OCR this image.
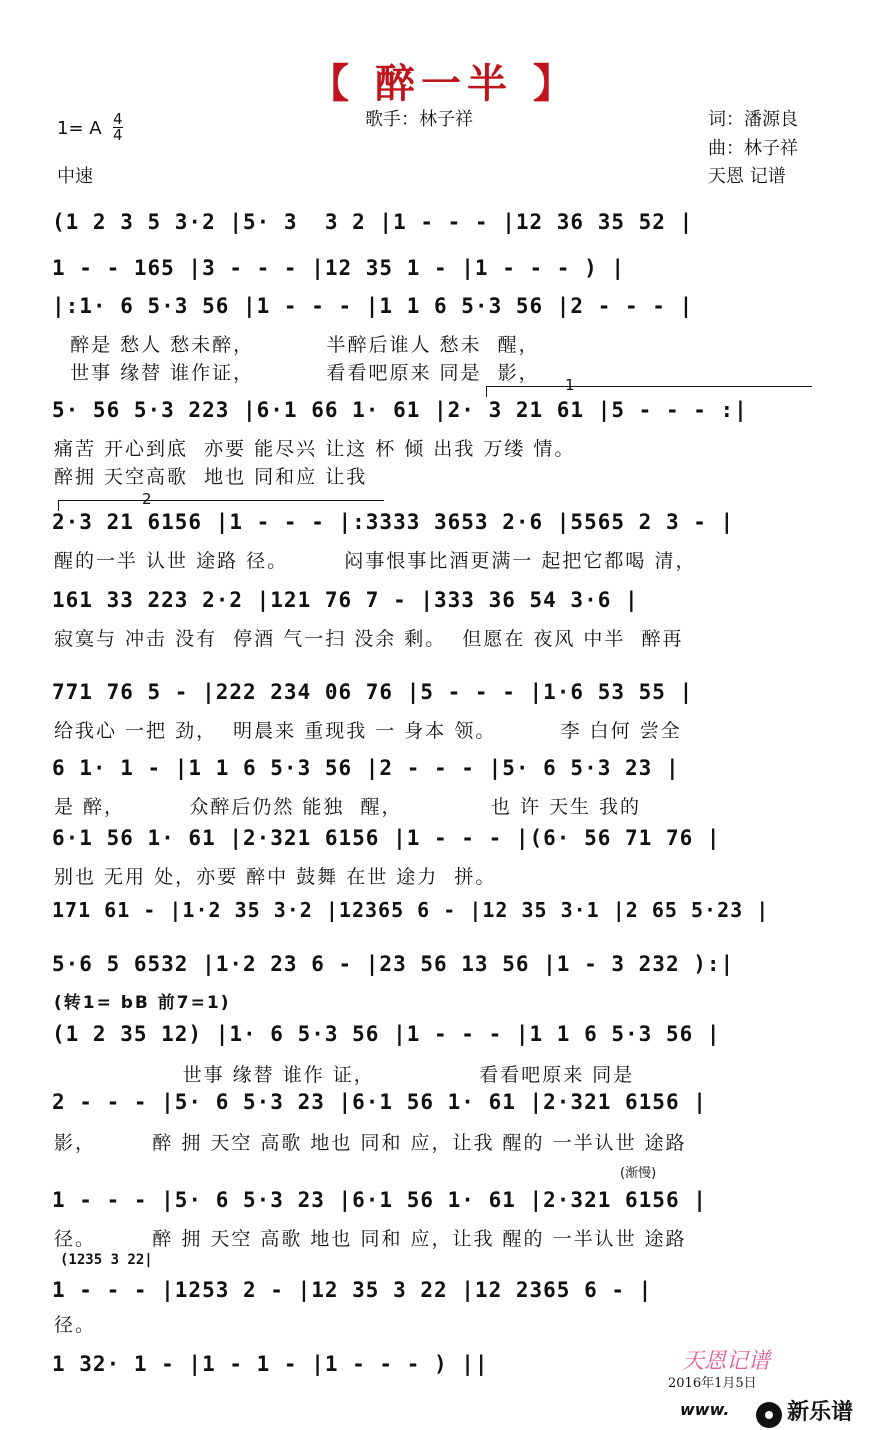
【 醉一半 】
1= A 4
4
中速
歌手：林子祥	词：潘源良
曲：林子祥
天恩 记谱
(1 2 3 5 3·2 |5· 3  3 2 |1 - - - |12 36 35 52 |
1 - - 165 |3 - - - |12 35 1 - |1 - - - ) |
|:1· 6 5·3 56 |1 - - - |1 1 6 5·3 56 |2 - - - |
醉是 愁人 愁未醉，         半醉后谁人 愁未  醒，
世事 缘替 谁作证，         看看吧原来 同是  影，
1
5· 56 5·3 223 |6·1 66 1· 61 |2· 3 21 61 |5 - - - :|
痛苦 开心到底  亦要 能尽兴 让这 杯 倾 出我 万缕 情。
醉拥 天空高歌  地也 同和应 让我
2
2·3 21 6156 |1 - - - |:3333 3653 2·6 |5565 2 3 - |
醒的一半 认世 途路 径。       闷事恨事比酒更满一 起把它都喝 清，
161 33 223 2·2 |121 76 7 - |333 36 54 3·6 |
寂寞与 冲击 没有  停酒 气一扫 没余 剩。  但愿在 夜风 中半  醉再
771 76 5 - |222 234 06 76 |5 - - - |1·6 53 55 |
给我心 一把 劲，  明晨来 重现我 一 身本 领。        李 白何 尝全
6 1· 1 - |1 1 6 5·3 56 |2 - - - |5· 6 5·3 23 |
是 醉，        众醉后仍然 能独  醒，           也 许 天生 我的
6·1 56 1· 61 |2·321 6156 |1 - - - |(6· 56 71 76 |
别也 无用 处，亦要 醉中 鼓舞 在世 途力  拼。
171 61 - |1·2 35 3·2 |12365 6 - |12 35 3·1 |2 65 5·23 |
5·6 5 6532 |1·2 23 6 - |23 56 13 56 |1 - 3 232 ):|
(转1= bB 前7=1)
(1 2 35 12) |1· 6 5·3 56 |1 - - - |1 1 6 5·3 56 |
世事 缘替 谁作 证，             看看吧原来 同是
2 - - - |5· 6 5·3 23 |6·1 56 1· 61 |2·321 6156 |
影，       醉 拥 天空 高歌 地也 同和 应，让我 醒的 一半认世 途路
(渐慢)
1 - - - |5· 6 5·3 23 |6·1 56 1· 61 |2·321 6156 |
径。       醉 拥 天空 高歌 地也 同和 应，让我 醒的 一半认世 途路
(1235 3 22|
1 - - - |1253 2 - |12 35 3 22 |12 2365 6 - |
径。
1 32· 1 - |1 - 1 - |1 - - - ) ||	天恩记谱
2016年1月5日
www.	新乐谱
